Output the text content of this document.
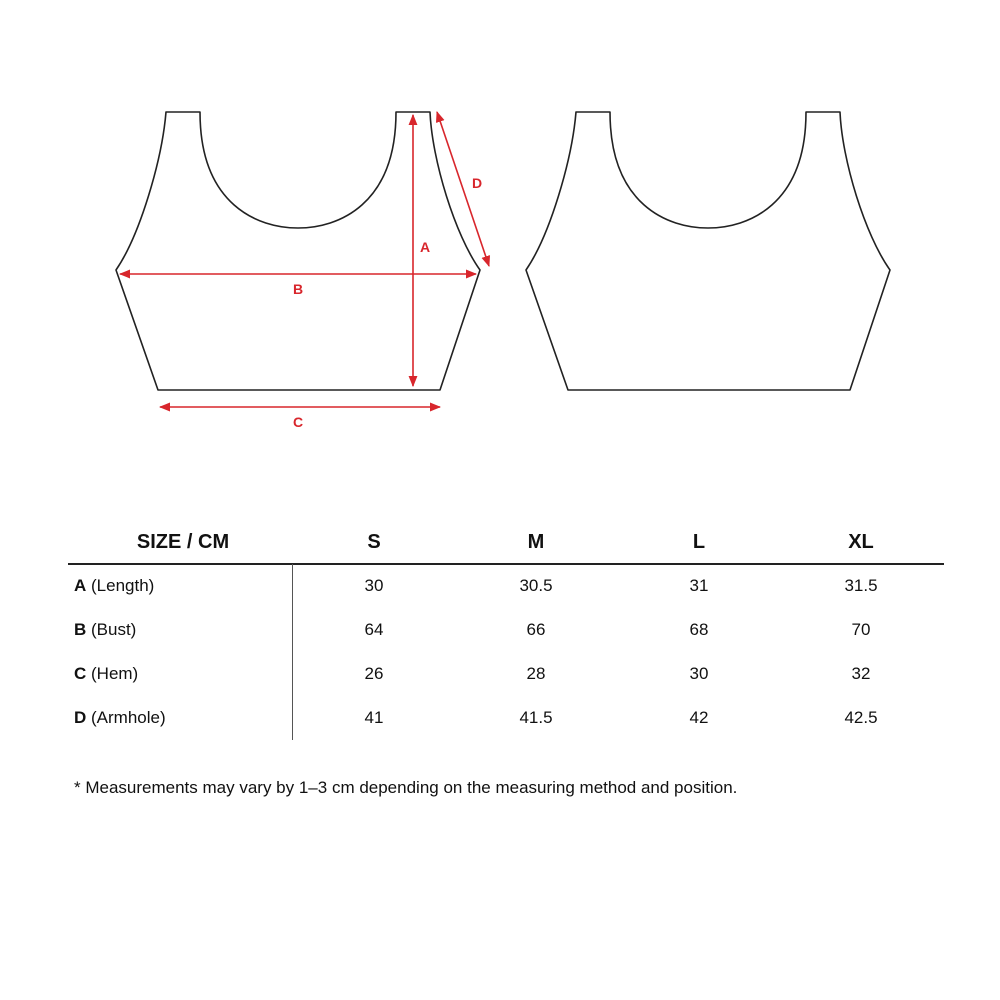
A
B
C
D
SIZE / CM	S	M	L	XL
A (Length)	30	30.5	31	31.5
B (Bust)	64	66	68	70
C (Hem)	26	28	30	32
D (Armhole)	41	41.5	42	42.5
* Measurements may vary by 1–3 cm depending on the measuring method and position.
